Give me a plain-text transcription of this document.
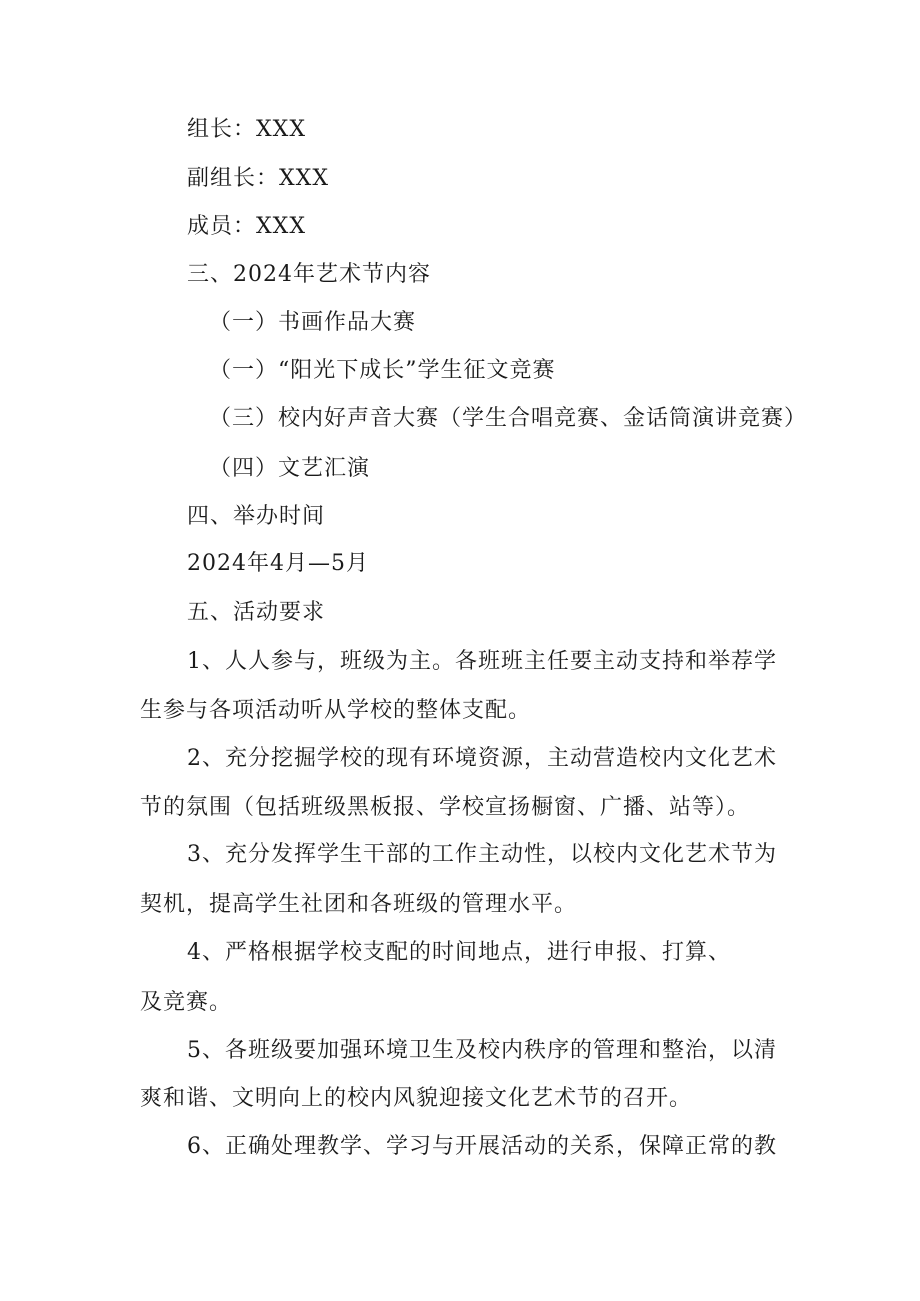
组长：XXX
副组长：XXX
成员：XXX
三、2024年艺术节内容
（一）书画作品大赛
（一）“阳光下成长”学生征文竞赛
（三）校内好声音大赛（学生合唱竞赛、金话筒演讲竞赛）
（四）文艺汇演
四、举办时间
2024年4月—5月
五、活动要求
1、人人参与，班级为主。各班班主任要主动支持和举荐学
生参与各项活动听从学校的整体支配。
2、充分挖掘学校的现有环境资源，主动营造校内文化艺术
节的氛围（包括班级黑板报、学校宣扬橱窗、广播、站等）。
3、充分发挥学生干部的工作主动性，以校内文化艺术节为
契机，提高学生社团和各班级的管理水平。
4、严格根据学校支配的时间地点，进行申报、打算、
及竞赛。
5、各班级要加强环境卫生及校内秩序的管理和整治，以清
爽和谐、文明向上的校内风貌迎接文化艺术节的召开。
6、正确处理教学、学习与开展活动的关系，保障正常的教
